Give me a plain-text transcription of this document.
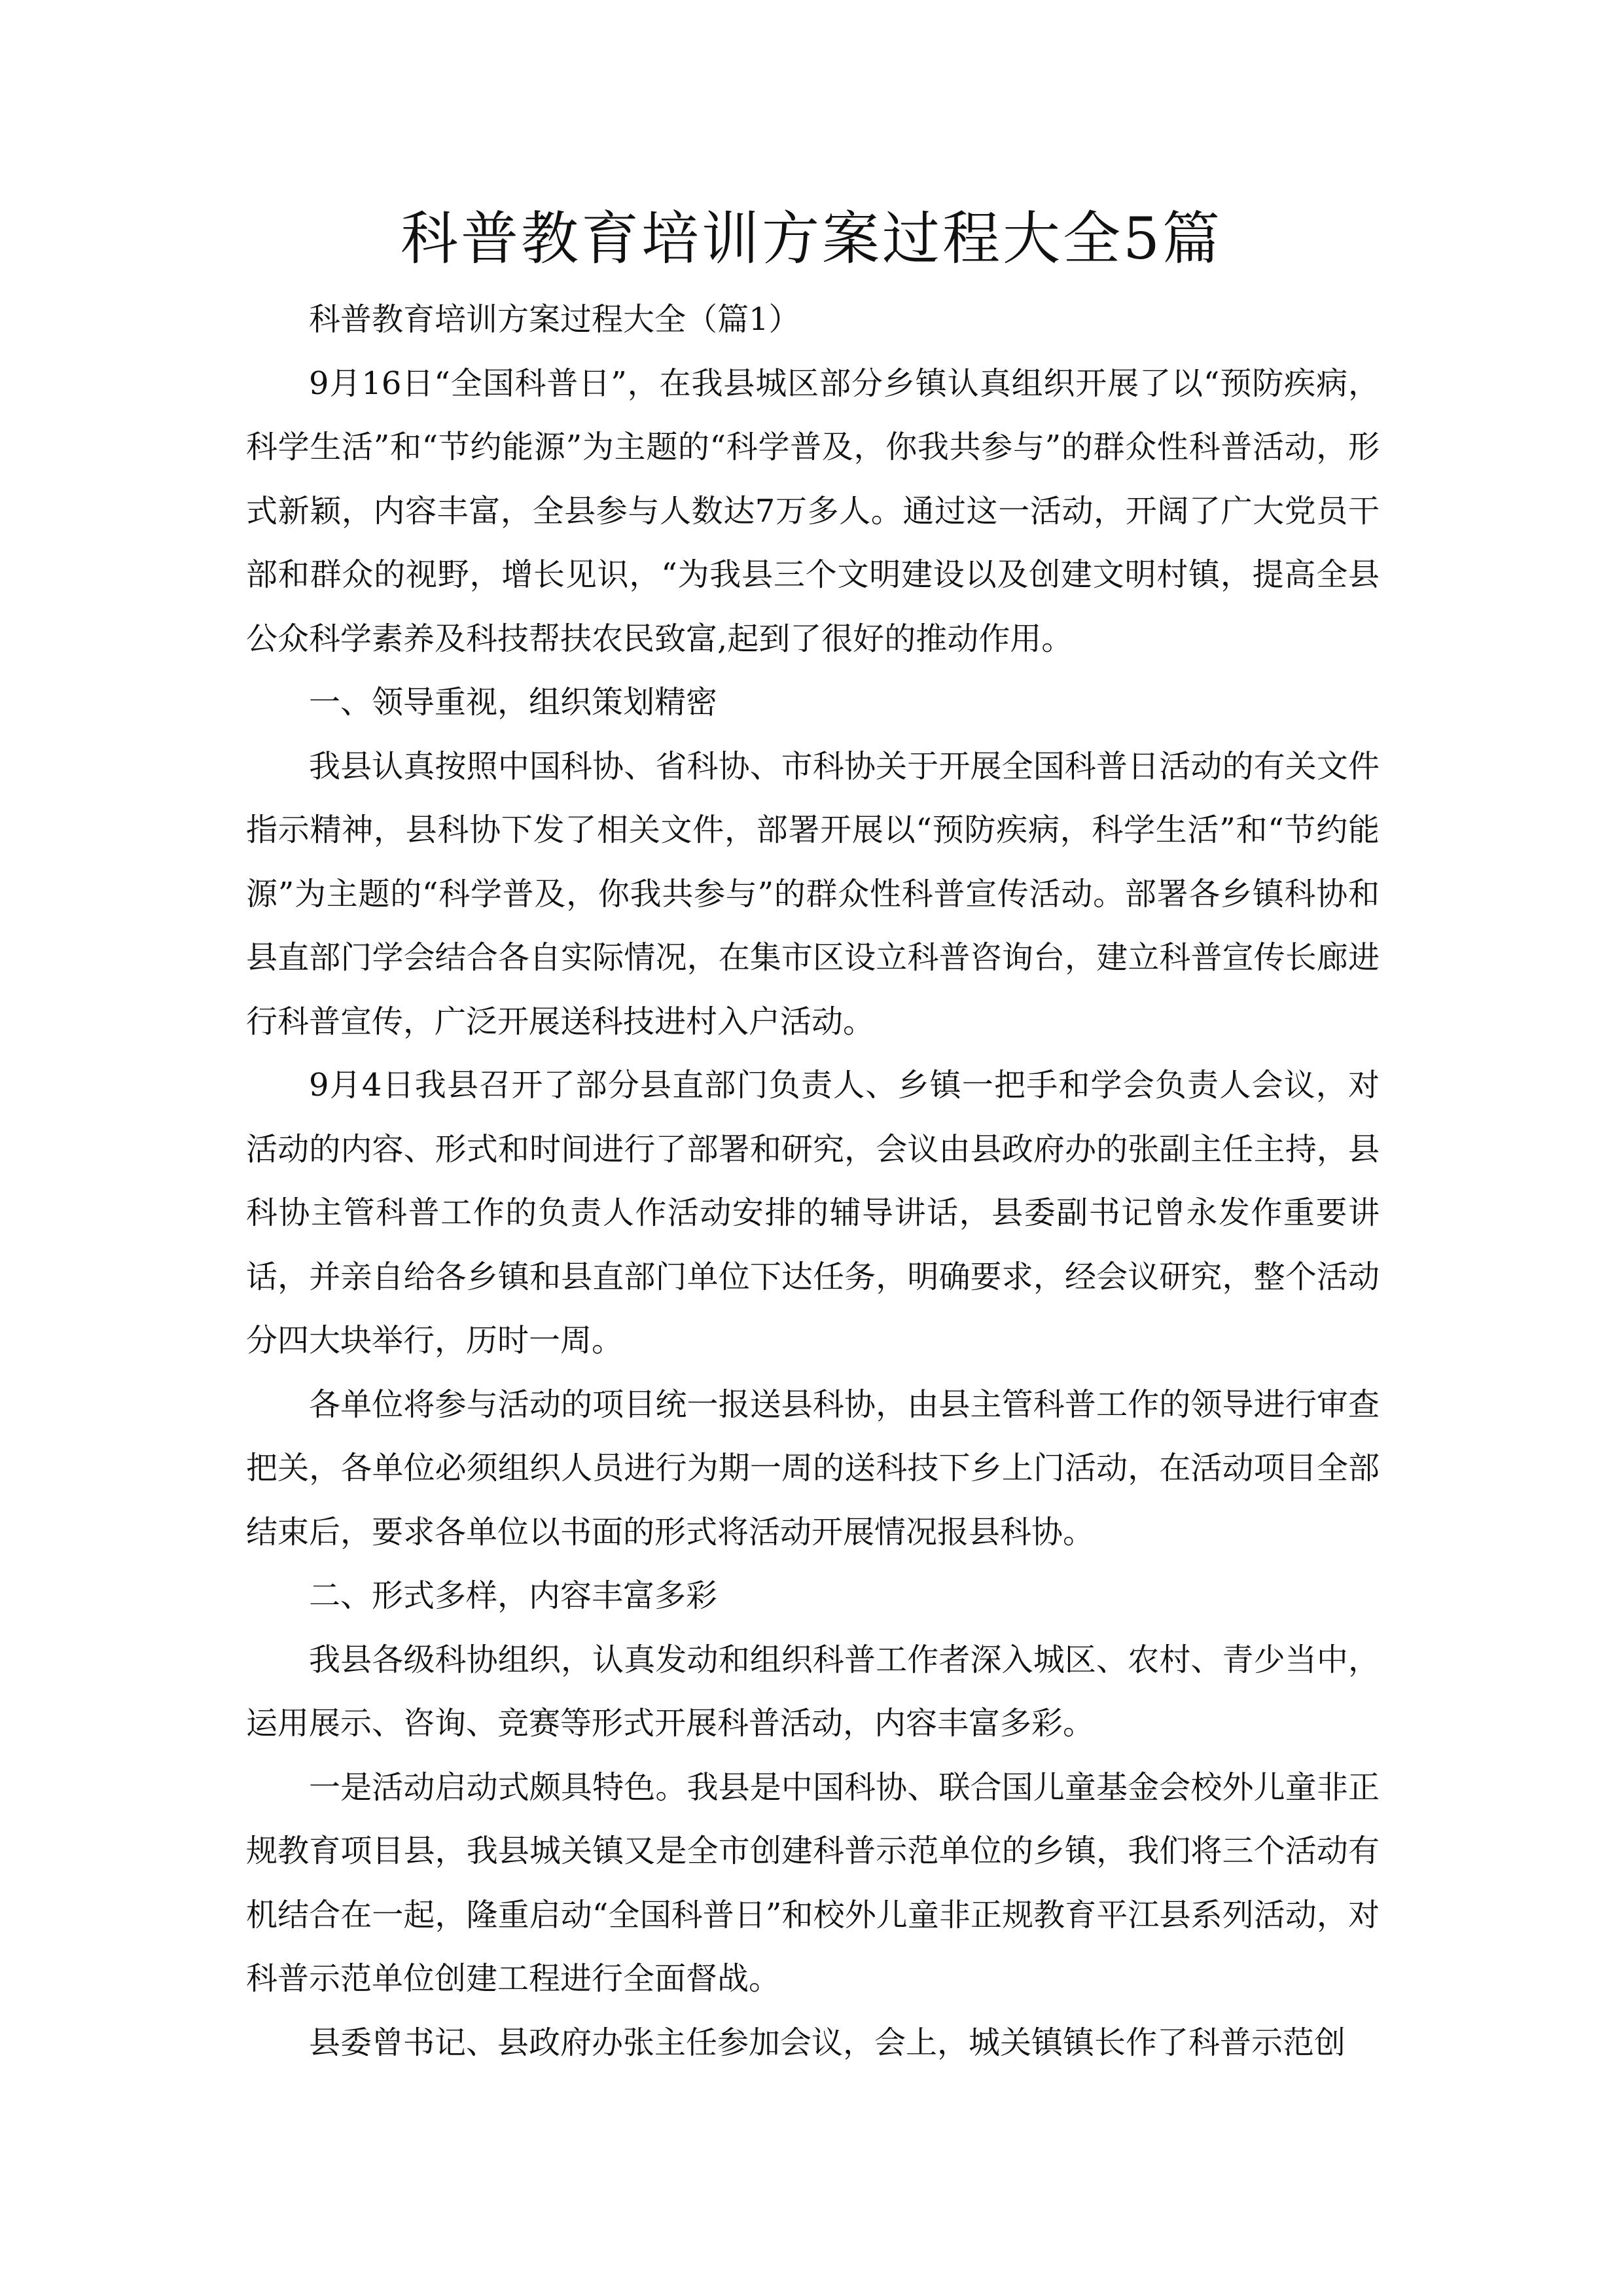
科普教育培训方案过程大全5篇

科普教育培训方案过程大全（篇1）

9月16日“全国科普日”，在我县城区部分乡镇认真组织开展了以“预防疾病，科学生活”和“节约能源”为主题的“科学普及，你我共参与”的群众性科普活动，形式新颖，内容丰富，全县参与人数达7万多人。通过这一活动，开阔了广大党员干部和群众的视野，增长见识，“为我县三个文明建设以及创建文明村镇，提高全县公众科学素养及科技帮扶农民致富,起到了很好的推动作用。

一、领导重视，组织策划精密

我县认真按照中国科协、省科协、市科协关于开展全国科普日活动的有关文件指示精神，县科协下发了相关文件，部署开展以“预防疾病，科学生活”和“节约能源”为主题的“科学普及，你我共参与”的群众性科普宣传活动。部署各乡镇科协和县直部门学会结合各自实际情况，在集市区设立科普咨询台，建立科普宣传长廊进行科普宣传，广泛开展送科技进村入户活动。

9月4日我县召开了部分县直部门负责人、乡镇一把手和学会负责人会议，对活动的内容、形式和时间进行了部署和研究，会议由县政府办的张副主任主持，县科协主管科普工作的负责人作活动安排的辅导讲话，县委副书记曾永发作重要讲话，并亲自给各乡镇和县直部门单位下达任务，明确要求，经会议研究，整个活动分四大块举行，历时一周。

各单位将参与活动的项目统一报送县科协，由县主管科普工作的领导进行审查把关，各单位必须组织人员进行为期一周的送科技下乡上门活动，在活动项目全部结束后，要求各单位以书面的形式将活动开展情况报县科协。

二、形式多样，内容丰富多彩

我县各级科协组织，认真发动和组织科普工作者深入城区、农村、青少当中，运用展示、咨询、竞赛等形式开展科普活动，内容丰富多彩。

一是活动启动式颇具特色。我县是中国科协、联合国儿童基金会校外儿童非正规教育项目县，我县城关镇又是全市创建科普示范单位的乡镇，我们将三个活动有机结合在一起，隆重启动“全国科普日”和校外儿童非正规教育平江县系列活动，对科普示范单位创建工程进行全面督战。

县委曾书记、县政府办张主任参加会议，会上，城关镇镇长作了科普示范创
